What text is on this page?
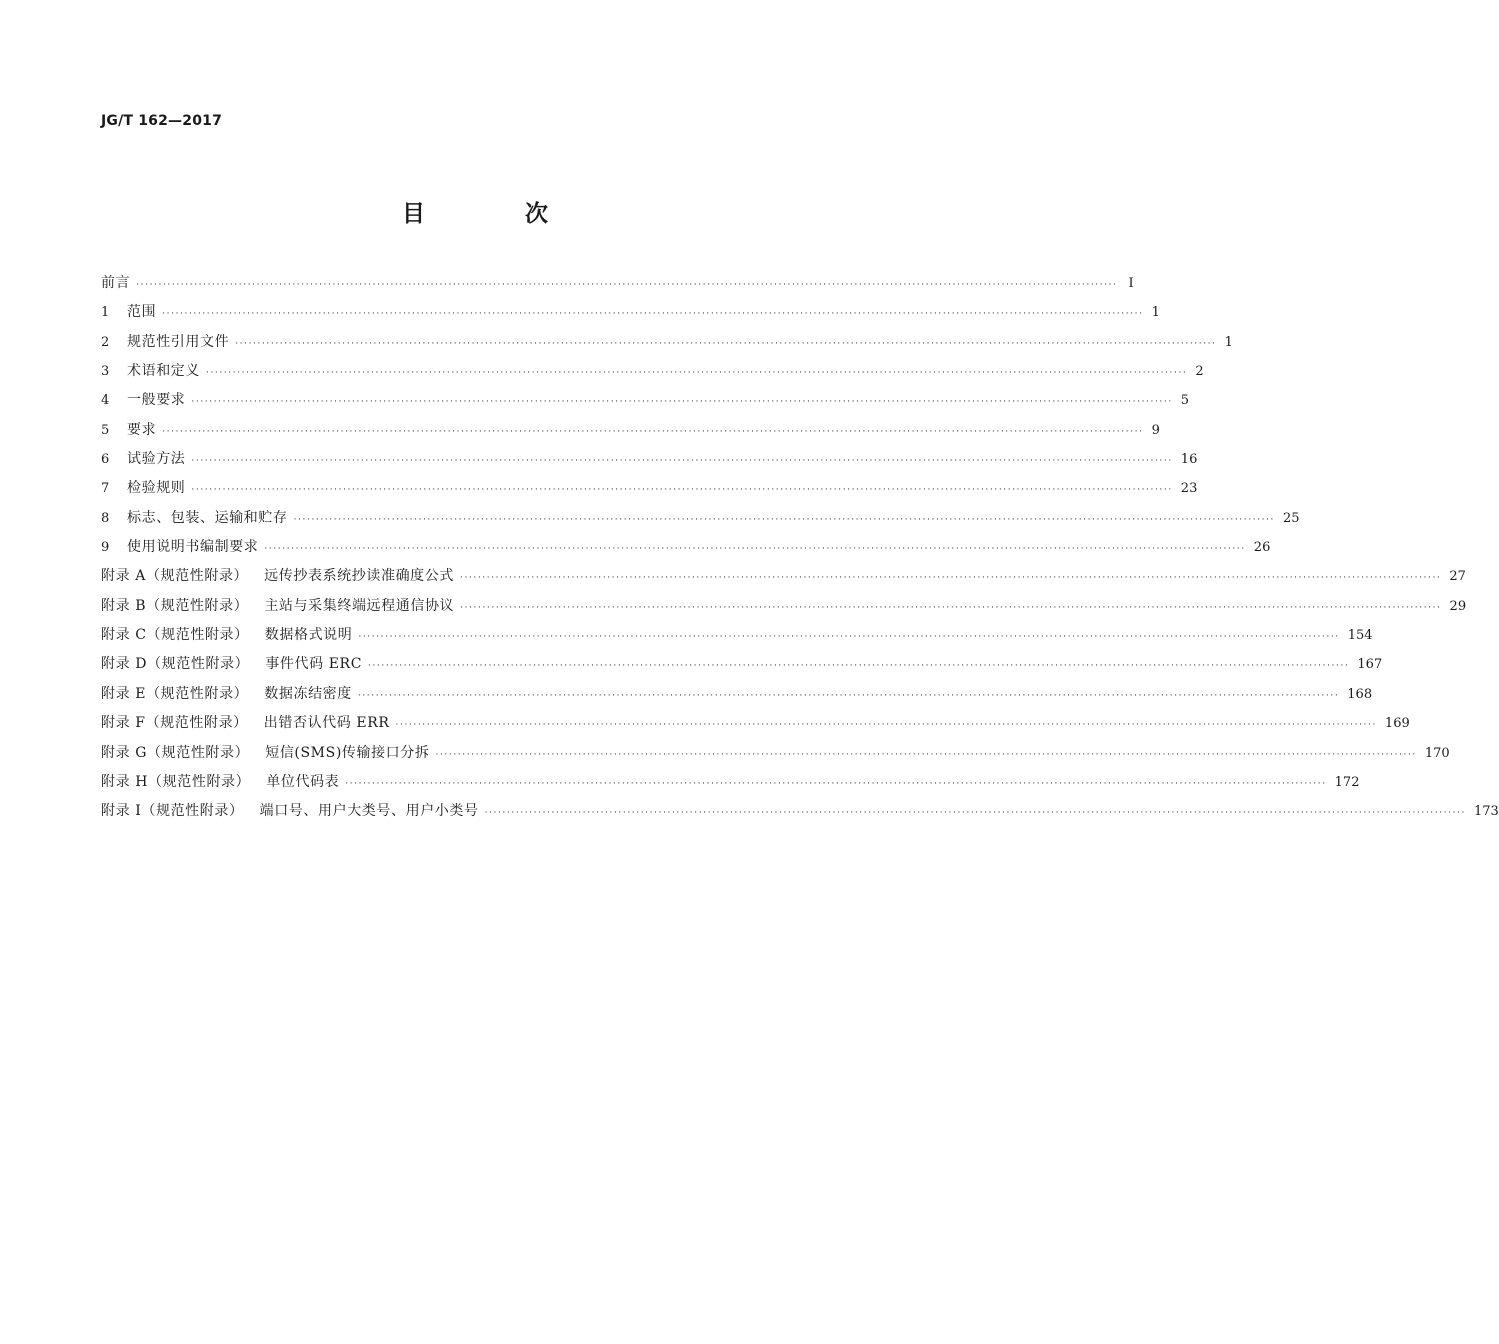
JG/T 162—2017
目 次
前言 ···························································································································································································································· Ⅰ
1	范围 ···························································································································································································································· 1
2	规范性引用文件 ···························································································································································································································· 1
3	术语和定义 ···························································································································································································································· 2
4	一般要求 ···························································································································································································································· 5
5	要求 ···························································································································································································································· 9
6	试验方法 ···························································································································································································································· 16
7	检验规则 ···························································································································································································································· 23
8	标志、包装、运输和贮存 ···························································································································································································································· 25
9	使用说明书编制要求 ···························································································································································································································· 26
附录 A（规范性附录） 远传抄表系统抄读准确度公式 ···························································································································································································································· 27
附录 B（规范性附录） 主站与采集终端远程通信协议 ···························································································································································································································· 29
附录 C（规范性附录） 数据格式说明 ···························································································································································································································· 154
附录 D（规范性附录） 事件代码 ERC ···························································································································································································································· 167
附录 E（规范性附录） 数据冻结密度 ···························································································································································································································· 168
附录 F（规范性附录） 出错否认代码 ERR ···························································································································································································································· 169
附录 G（规范性附录） 短信(SMS)传输接口分拆 ···························································································································································································································· 170
附录 H（规范性附录） 单位代码表 ···························································································································································································································· 172
附录 I（规范性附录） 端口号、用户大类号、用户小类号 ···························································································································································································································· 173
